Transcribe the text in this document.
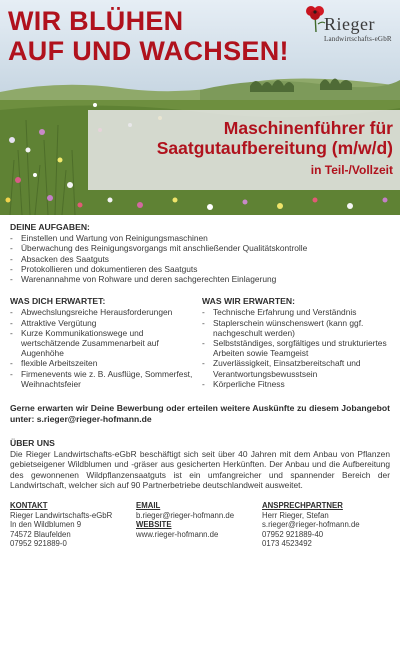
WIR BLÜHEN
AUF UND WACHSEN!
Rieger
Landwirtschafts-eGbR
Maschinenführer für
Saatgutaufbereitung (m/w/d)
in Teil-/Vollzeit
DEINE AUFGABEN:
- Einstellen und Wartung von Reinigungsmaschinen
- Überwachung des Reinigungsvorgangs mit anschließender Qualitätskontrolle
- Absacken des Saatguts
- Protokollieren und dokumentieren des Saatguts
- Warenannahme von Rohware und deren sachgerechten Einlagerung
WAS DICH ERWARTET:
- Abwechslungsreiche Herausforderungen
- Attraktive Vergütung
- Kurze Kommunikationswege und wertschätzende Zusammenarbeit auf Augenhöhe
- flexible Arbeitszeiten
- Firmenevents wie z. B. Ausflüge, Sommerfest, Weihnachtsfeier
WAS WIR ERWARTEN:
- Technische Erfahrung und Verständnis
- Staplerschein wünschenswert (kann ggf. nachgeschult werden)
- Selbstständiges, sorgfältiges und strukturiertes Arbeiten sowie Teamgeist
- Zuverlässigkeit, Einsatzbereitschaft und Verantwortungsbewusstsein
- Körperliche Fitness
Gerne erwarten wir Deine Bewerbung oder erteilen weitere Auskünfte zu diesem Jobangebot unter: s.rieger@rieger-hofmann.de
ÜBER UNS

Die Rieger Landwirtschafts-eGbR beschäftigt sich seit über 40 Jahren mit dem Anbau von Pflanzen gebietseigener Wildblumen und -gräser aus gesicherten Herkünften. Der Anbau und die Aufbereitung des gewonnenen Wildpflanzensaatguts ist ein umfangreicher und spannender Bereich der Landwirtschaft, welcher sich auf 90 Partnerbetriebe deutschlandweit ausweitet.

KONTAKT
Rieger Landwirtschafts-eGbR
In den Wildblumen 9
74572 Blaufelden
07952 921889-0
EMAIL
b.rieger@rieger-hofmann.de
WEBSITE
www.rieger-hofmann.de
ANSPRECHPARTNER
Herr Rieger, Stefan
s.rieger@rieger-hofmann.de
07952 921889-40
0173 4523492
